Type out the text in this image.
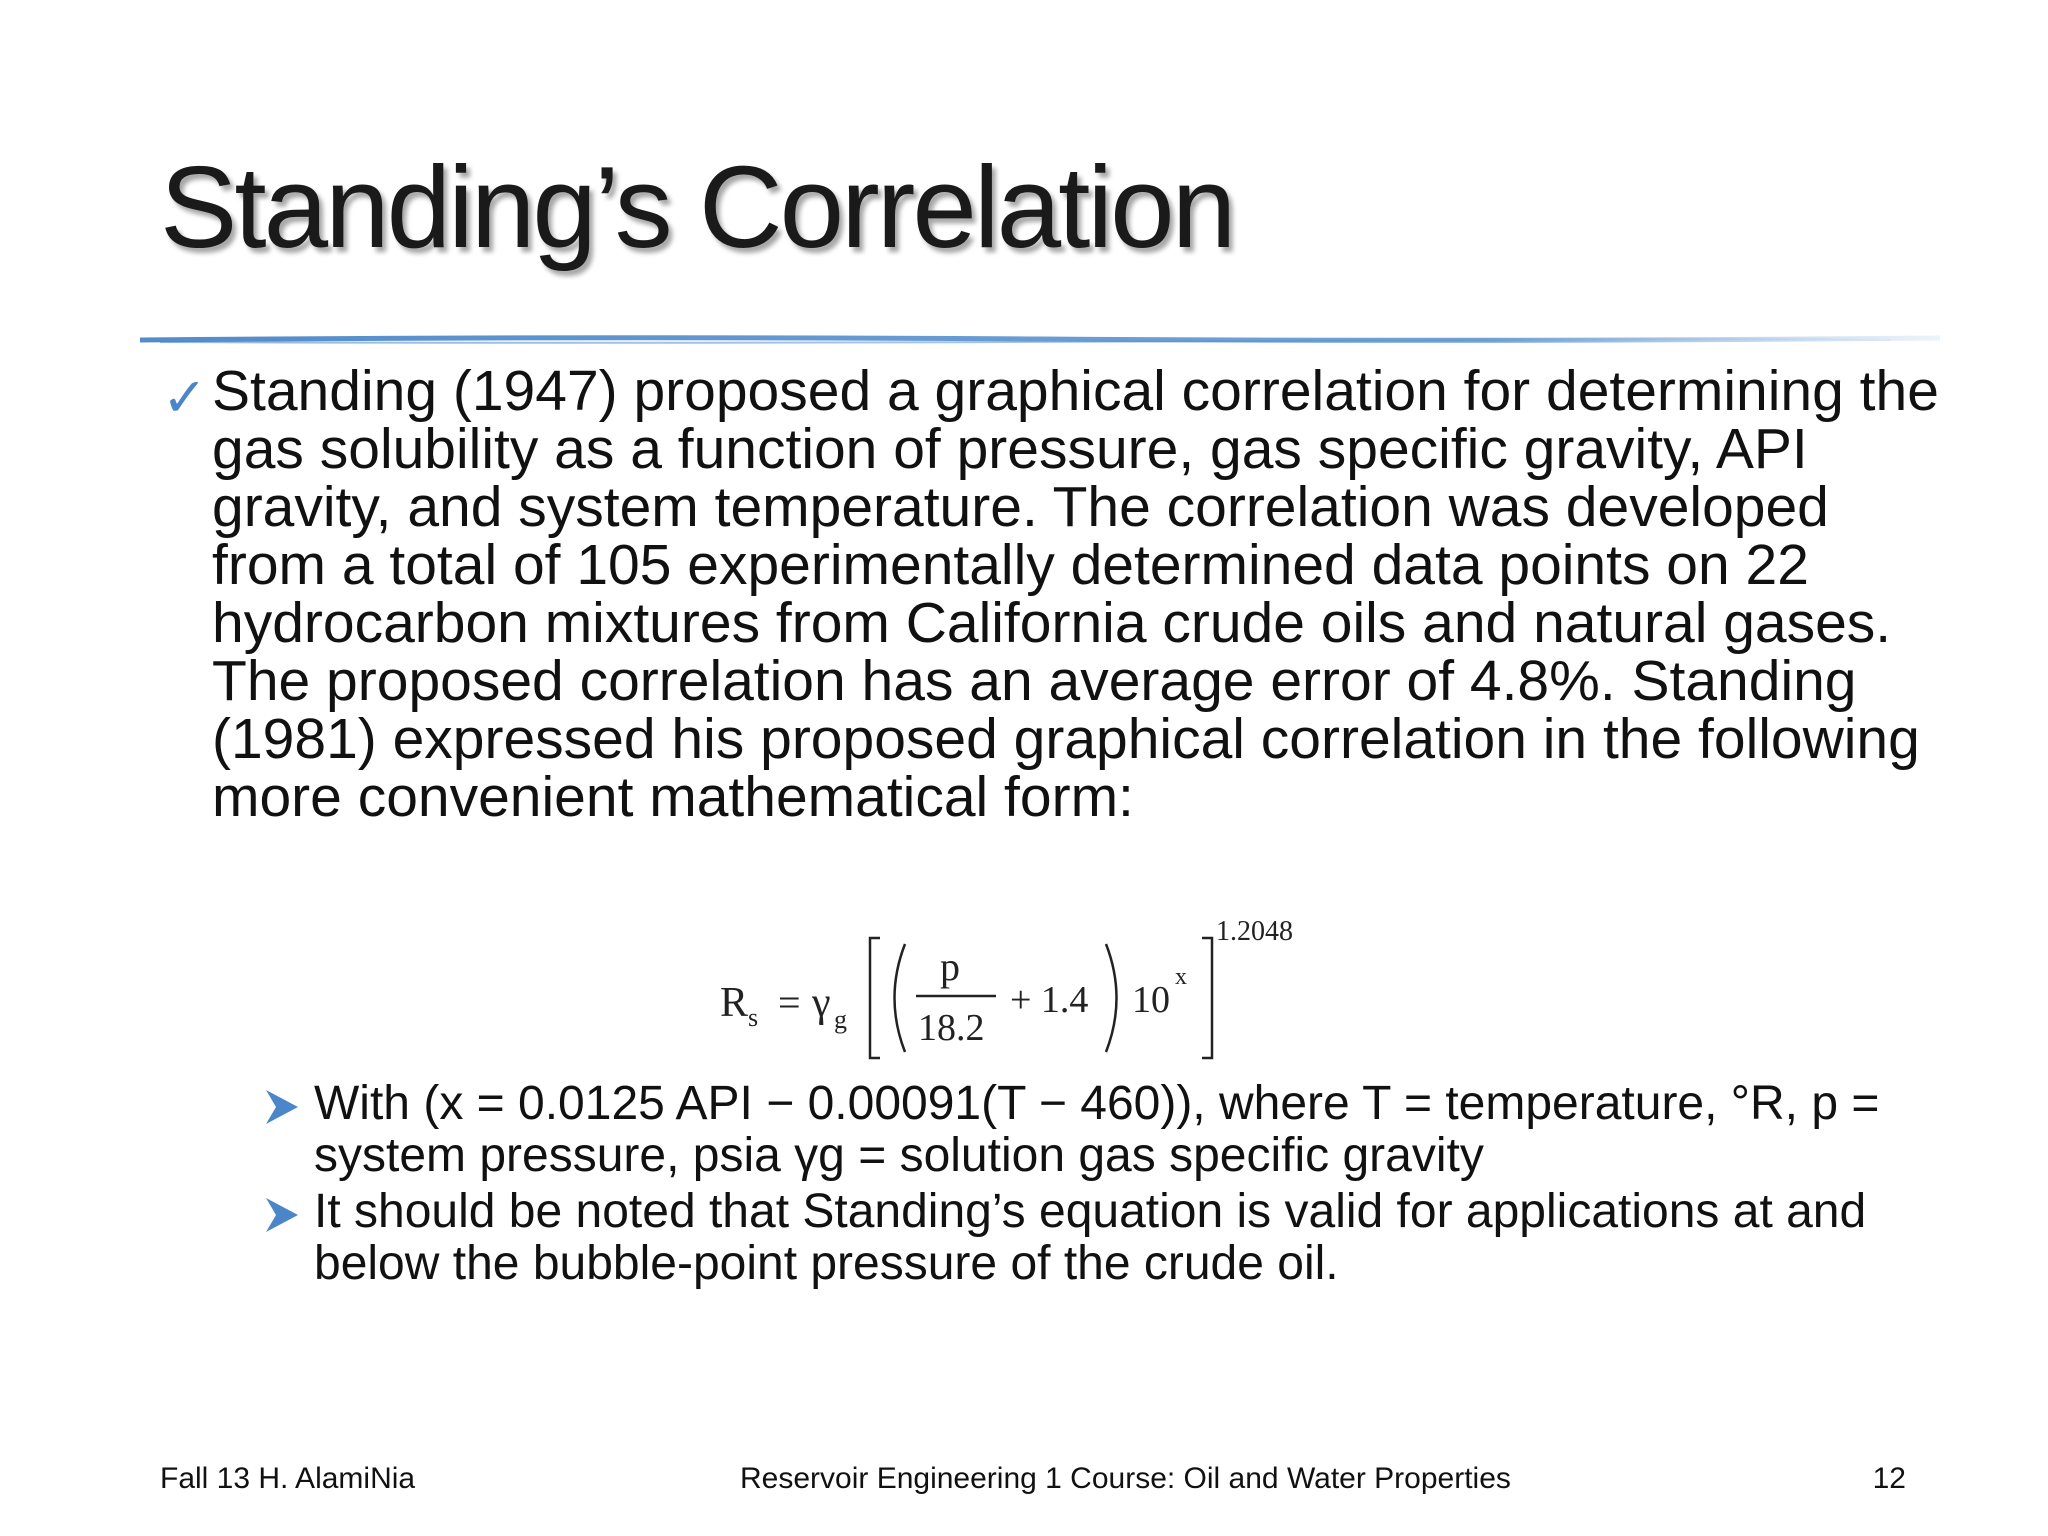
Standing’s Correlation
✓ Standing (1947) proposed a graphical correlation for determining the gas solubility as a function of pressure, gas specific gravity, API gravity, and system temperature. The correlation was developed from a total of 105 experimentally determined data points on 22 hydrocarbon mixtures from California crude oils and natural gases. The proposed correlation has an average error of 4.8%. Standing (1981) expressed his proposed graphical correlation in the following more convenient mathematical form:
R s = γ g
p
18.2
+ 1.4 10
x
1.2048
With (x = 0.0125 API − 0.00091(T − 460)), where T = temperature, °R, p = system pressure, psia γg = solution gas specific gravity
It should be noted that Standing’s equation is valid for applications at and below the bubble-point pressure of the crude oil.
Fall 13 H. AlamiNia	Reservoir Engineering 1 Course: Oil and Water Properties	12
